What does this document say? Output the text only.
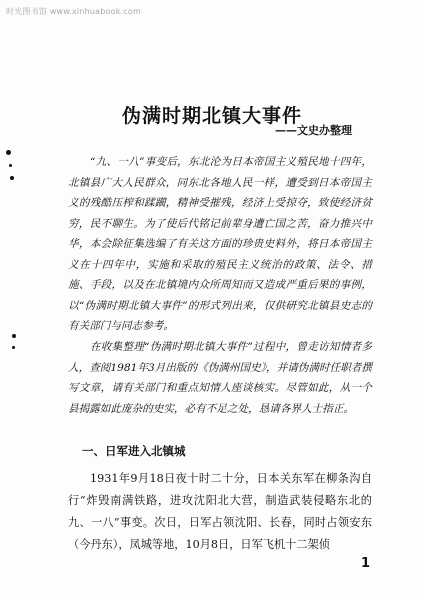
时光图书馆 www.xinhuabook.com
伪满时期北镇大事件
——文史办整理

“九、一八”事变后，东北沦为日本帝国主义殖民地十四年，北镇县广大人民群众，同东北各地人民一样，遭受到日本帝国主义的残酷压榨和蹂躏，精神受摧残，经济上受掠夺，致使经济贫穷，民不聊生。为了使后代铭记前辈身遭亡国之苦，奋力推兴中华，本会除征集选编了有关这方面的珍贵史料外，将日本帝国主义在十四年中，实施和采取的殖民主义统治的政策、法令、措施、手段，以及在北镇境内众所周知而又造成严重后果的事例，以“伪满时期北镇大事件”的形式列出来，仅供研究北镇县史志的有关部门与同志参考。

在收集整理“伪满时期北镇大事件”过程中，曾走访知情者多人，查阅1981年3月出版的《伪满州国史》，并请伪满时任职者撰写文章，请有关部门和重点知情人座谈核实。尽管如此，从一个县揭露如此庞杂的史实，必有不足之处，恳请各界人士指正。

一、日军进入北镇城

1931年9月18日夜十时二十分，日本关东军在柳条沟自行“炸毁南满铁路，进攻沈阳北大营，制造武装侵略东北的九、一八”事变。次日，日军占领沈阳、长春，同时占领安东（今丹东），凤城等地，10月8日，日军飞机十二架侦

1
